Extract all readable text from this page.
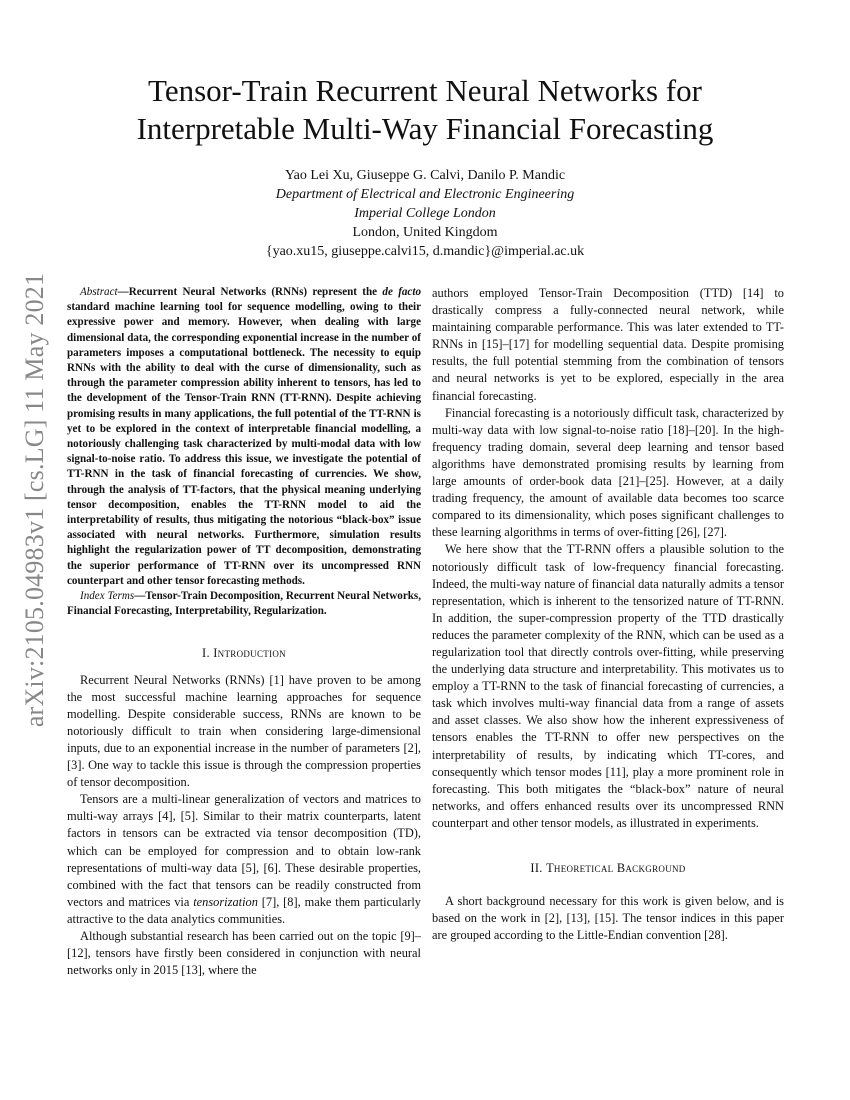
arXiv:2105.04983v1 [cs.LG] 11 May 2021
Tensor-Train Recurrent Neural Networks for
Interpretable Multi-Way Financial Forecasting
Yao Lei Xu, Giuseppe G. Calvi, Danilo P. Mandic
Department of Electrical and Electronic Engineering
Imperial College London
London, United Kingdom
{yao.xu15, giuseppe.calvi15, d.mandic}@imperial.ac.uk

Abstract—Recurrent Neural Networks (RNNs) represent the de facto standard machine learning tool for sequence modelling, owing to their expressive power and memory. However, when dealing with large dimensional data, the corresponding exponential increase in the number of parameters imposes a computational bottleneck. The necessity to equip RNNs with the ability to deal with the curse of dimensionality, such as through the parameter compression ability inherent to tensors, has led to the development of the Tensor-Train RNN (TT-RNN). Despite achieving promising results in many applications, the full potential of the TT-RNN is yet to be explored in the context of interpretable financial modelling, a notoriously challenging task characterized by multi-modal data with low signal-to-noise ratio. To address this issue, we investigate the potential of TT-RNN in the task of financial forecasting of currencies. We show, through the analysis of TT-factors, that the physical meaning underlying tensor decomposition, enables the TT-RNN model to aid the interpretability of results, thus mitigating the notorious “black-box” issue associated with neural networks. Furthermore, simulation results highlight the regularization power of TT decomposition, demonstrating the superior performance of TT-RNN over its uncompressed RNN counterpart and other tensor forecasting methods.

Index Terms—Tensor-Train Decomposition, Recurrent Neural Networks, Financial Forecasting, Interpretability, Regularization.

I. Introduction

Recurrent Neural Networks (RNNs) [1] have proven to be among the most successful machine learning approaches for sequence modelling. Despite considerable success, RNNs are known to be notoriously difficult to train when considering large-dimensional inputs, due to an exponential increase in the number of parameters [2], [3]. One way to tackle this issue is through the compression properties of tensor decomposition.

Tensors are a multi-linear generalization of vectors and matrices to multi-way arrays [4], [5]. Similar to their matrix counterparts, latent factors in tensors can be extracted via tensor decomposition (TD), which can be employed for compression and to obtain low-rank representations of multi-way data [5], [6]. These desirable properties, combined with the fact that tensors can be readily constructed from vectors and matrices via tensorization [7], [8], make them particularly attractive to the data analytics communities.

Although substantial research has been carried out on the topic [9]–[12], tensors have firstly been considered in conjunction with neural networks only in 2015 [13], where the

authors employed Tensor-Train Decomposition (TTD) [14] to drastically compress a fully-connected neural network, while maintaining comparable performance. This was later extended to TT-RNNs in [15]–[17] for modelling sequential data. Despite promising results, the full potential stemming from the combination of tensors and neural networks is yet to be explored, especially in the area financial forecasting.

Financial forecasting is a notoriously difficult task, characterized by multi-way data with low signal-to-noise ratio [18]–[20]. In the high-frequency trading domain, several deep learning and tensor based algorithms have demonstrated promising results by learning from large amounts of order-book data [21]–[25]. However, at a daily trading frequency, the amount of available data becomes too scarce compared to its dimensionality, which poses significant challenges to these learning algorithms in terms of over-fitting [26], [27].

We here show that the TT-RNN offers a plausible solution to the notoriously difficult task of low-frequency financial forecasting. Indeed, the multi-way nature of financial data naturally admits a tensor representation, which is inherent to the tensorized nature of TT-RNN. In addition, the super-compression property of the TTD drastically reduces the parameter complexity of the RNN, which can be used as a regularization tool that directly controls over-fitting, while preserving the underlying data structure and interpretability. This motivates us to employ a TT-RNN to the task of financial forecasting of currencies, a task which involves multi-way financial data from a range of assets and asset classes. We also show how the inherent expressiveness of tensors enables the TT-RNN to offer new perspectives on the interpretability of results, by indicating which TT-cores, and consequently which tensor modes [11], play a more prominent role in forecasting. This both mitigates the “black-box” nature of neural networks, and offers enhanced results over its uncompressed RNN counterpart and other tensor models, as illustrated in experiments.

II. Theoretical Background

A short background necessary for this work is given below, and is based on the work in [2], [13], [15]. The tensor indices in this paper are grouped according to the Little-Endian convention [28].
